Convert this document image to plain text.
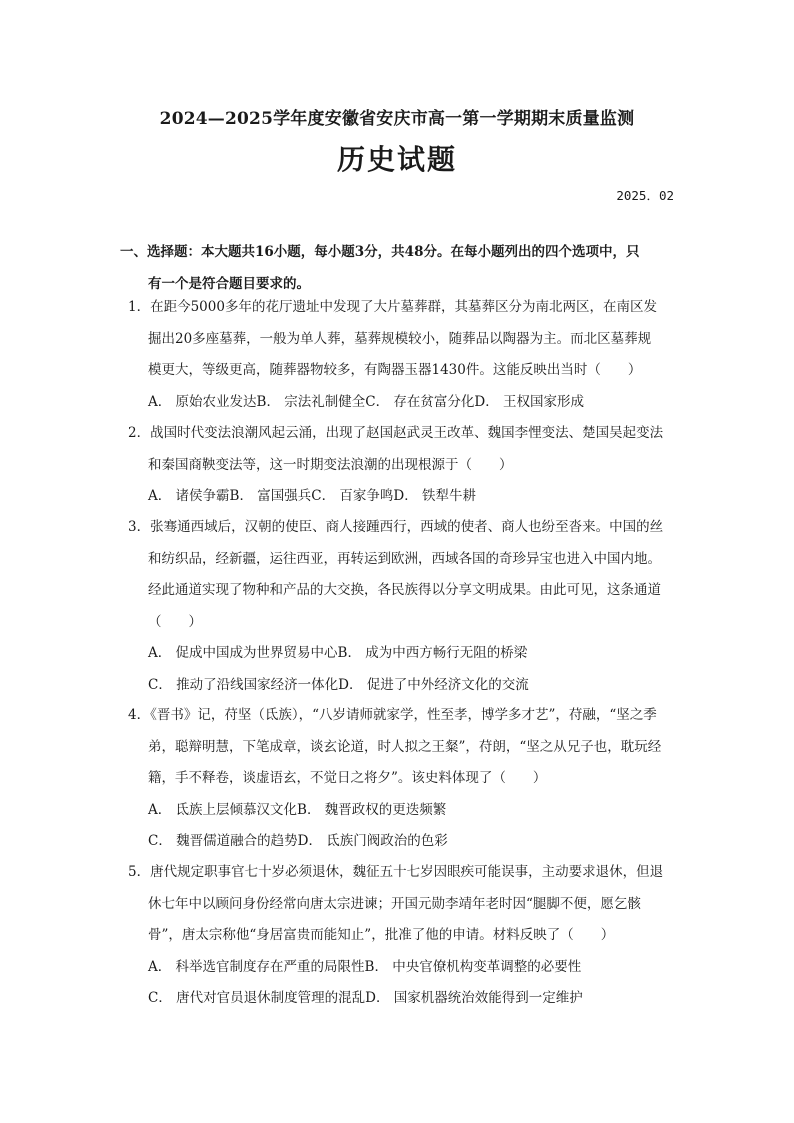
2024—2025学年度安徽省安庆市高一第一学期期末质量监测
历史试题
2025．02
一、选择题：本大题共16小题，每小题3分，共48分。在每小题列出的四个选项中，只
有一个是符合题目要求的。
1．在距今5000多年的花厅遗址中发现了大片墓葬群，其墓葬区分为南北两区，在南区发
掘出20多座墓葬，一般为单人葬，墓葬规模较小，随葬品以陶器为主。而北区墓葬规
模更大，等级更高，随葬器物较多，有陶器玉器1430件。这能反映出当时（　　）
A． 原始农业发达B． 宗法礼制健全C． 存在贫富分化D． 王权国家形成
2．战国时代变法浪潮风起云涌，出现了赵国赵武灵王改革、魏国李悝变法、楚国吴起变法
和秦国商鞅变法等，这一时期变法浪潮的出现根源于（　　）
A． 诸侯争霸B． 富国强兵C． 百家争鸣D． 铁犁牛耕
3．张骞通西域后，汉朝的使臣、商人接踵西行，西域的使者、商人也纷至沓来。中国的丝
和纺织品，经新疆，运往西亚，再转运到欧洲，西域各国的奇珍异宝也进入中国内地。
经此通道实现了物种和产品的大交换，各民族得以分享文明成果。由此可见，这条通道
（　　）
A． 促成中国成为世界贸易中心B． 成为中西方畅行无阻的桥梁
C． 推动了沿线国家经济一体化D． 促进了中外经济文化的交流
4．《晋书》记，苻坚（氐族），“八岁请师就家学，性至孝，博学多才艺”，苻融，“坚之季
弟，聪辩明慧，下笔成章，谈玄论道，时人拟之王粲”，苻朗，“坚之从兄子也，耽玩经
籍，手不释卷，谈虚语玄，不觉日之将夕”。该史料体现了（　　）
A． 氐族上层倾慕汉文化B． 魏晋政权的更迭频繁
C． 魏晋儒道融合的趋势D． 氐族门阀政治的色彩
5．唐代规定职事官七十岁必须退休，魏征五十七岁因眼疾可能误事，主动要求退休，但退
休七年中以顾问身份经常向唐太宗进谏；开国元勋李靖年老时因“腿脚不便，愿乞骸
骨”，唐太宗称他“身居富贵而能知止”，批准了他的申请。材料反映了（　　）
A． 科举选官制度存在严重的局限性B． 中央官僚机构变革调整的必要性
C． 唐代对官员退休制度管理的混乱D． 国家机器统治效能得到一定维护
